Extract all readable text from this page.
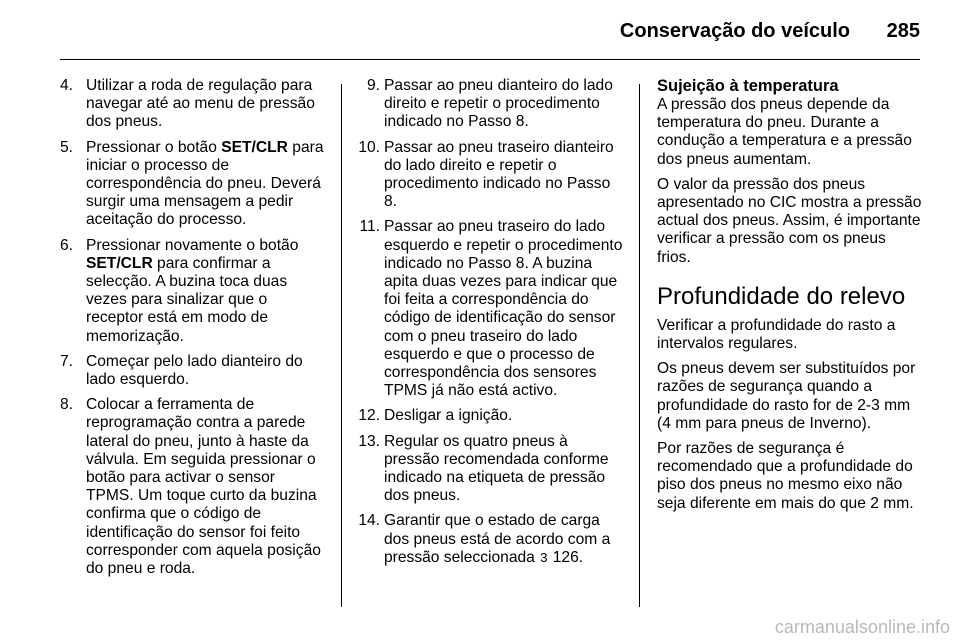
Conservação do veículo	285
4. Utilizar a roda de regulação para navegar até ao menu de pressão dos pneus.
5. Pressionar o botão SET/CLR para iniciar o processo de correspondência do pneu. Deverá surgir uma mensagem a pedir aceitação do processo.
6. Pressionar novamente o botão SET/CLR para confirmar a selecção. A buzina toca duas vezes para sinalizar que o receptor está em modo de memorização.
7. Começar pelo lado dianteiro do lado esquerdo.
8. Colocar a ferramenta de reprogramação contra a parede lateral do pneu, junto à haste da válvula. Em seguida pressionar o botão para activar o sensor TPMS. Um toque curto da buzina confirma que o código de identificação do sensor foi feito corresponder com aquela posição do pneu e roda.
9. Passar ao pneu dianteiro do lado direito e repetir o procedimento indicado no Passo 8.
10. Passar ao pneu traseiro dianteiro do lado direito e repetir o procedimento indicado no Passo 8.
11. Passar ao pneu traseiro do lado esquerdo e repetir o procedimento indicado no Passo 8. A buzina apita duas vezes para indicar que foi feita a correspondência do código de identificação do sensor com o pneu traseiro do lado esquerdo e que o processo de correspondência dos sensores TPMS já não está activo.
12. Desligar a ignição.
13. Regular os quatro pneus à pressão recomendada conforme indicado na etiqueta de pressão dos pneus.
14. Garantir que o estado de carga dos pneus está de acordo com a pressão seleccionada 3 126.
Sujeição à temperatura

A pressão dos pneus depende da temperatura do pneu. Durante a condução a temperatura e a pressão dos pneus aumentam.

O valor da pressão dos pneus apresentado no CIC mostra a pressão actual dos pneus. Assim, é importante verificar a pressão com os pneus frios.

Profundidade do relevo

Verificar a profundidade do rasto a intervalos regulares.

Os pneus devem ser substituídos por razões de segurança quando a profundidade do rasto for de 2-3 mm (4 mm para pneus de Inverno).

Por razões de segurança é recomendado que a profundidade do piso dos pneus no mesmo eixo não seja diferente em mais do que 2 mm.

carmanualsonline.info
